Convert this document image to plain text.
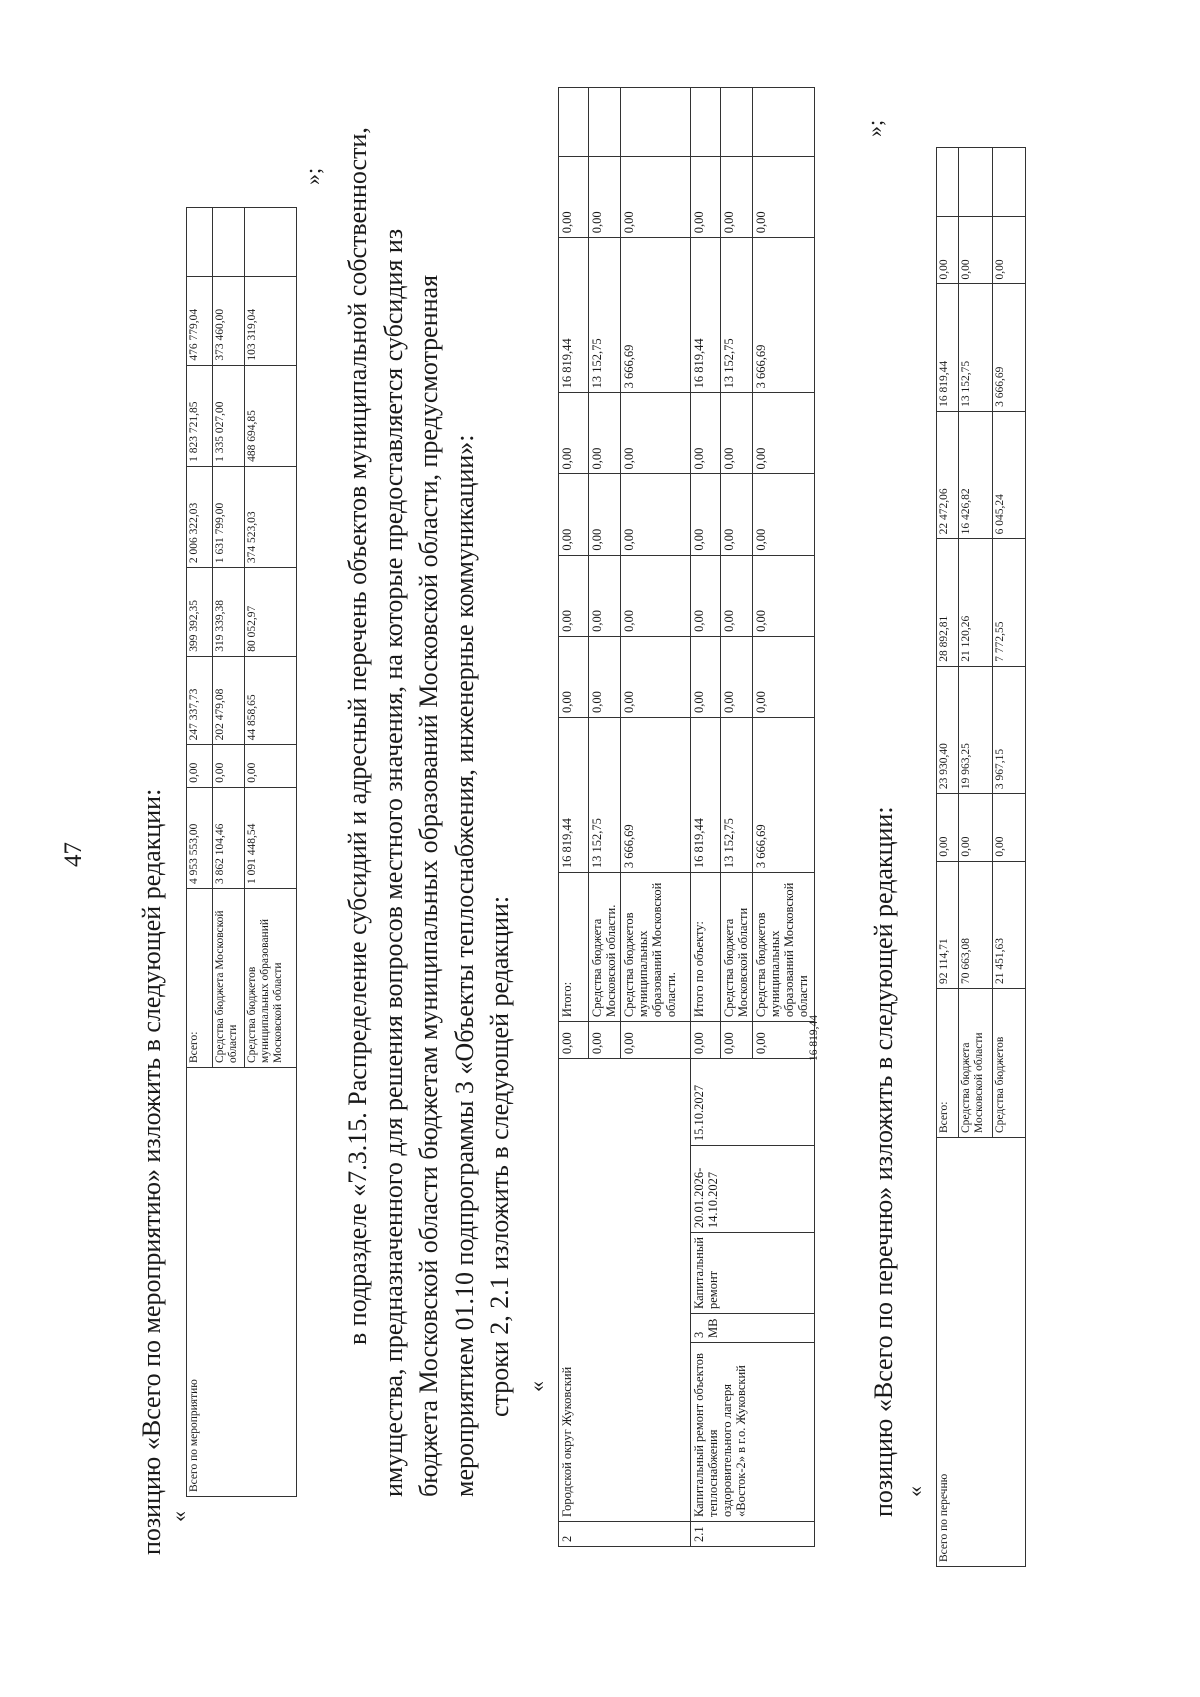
47 позицию «Всего по мероприятию» изложить в следующей редакции: «
Всего по мероприятию	Всего:	4 953 553,00	0,00	247 337,73	399 392,35	2 006 322,03	1 823 721,85	476 779,04	
	Средства бюджета Московской области	3 862 104,46	0,00	202 479,08	319 339,38	1 631 799,00	1 335 027,00	373 460,00	
	Средства бюджетов муниципальных образований Московской области	1 091 448,54	0,00	44 858,65	80 052,97	374 523,03	488 694,85	103 319,04	
»; в подразделе «7.3.15. Распределение субсидий и адресный перечень объектов муниципальной собственности, имущества, предназначенного для решения вопросов местного значения, на которые предоставляется субсидия из бюджета Московской области бюджетам муниципальных образований Московской области, предусмотренная мероприятием 01.10 подпрограммы 3 «Объекты теплоснабжения, инженерные коммуникации»: строки 2, 2.1 изложить в следующей редакции: «
2	Городской округ Жуковский					0,00	Итого:	16 819,44	0,00	0,00	0,00	0,00	16 819,44	0,00	
						0,00	Средства бюджета Московской области.	13 152,75	0,00	0,00	0,00	0,00	13 152,75	0,00	
						0,00	Средства бюджетов муниципальных образований Московской области.	3 666,69	0,00	0,00	0,00	0,00	3 666,69	0,00	
2.1	Капитальный ремонт объектов теплоснабжения оздоровительного лагеря «Восток-2» в г.о. Жуковский	3 МВ	Капитальный ремонт	20.01.2026-14.10.2027	15.10.2027	0,00	Итого по объекту:	16 819,44	0,00	0,00	0,00	0,00	16 819,44	0,00	
						0,00	Средства бюджета Московской области	13 152,75	0,00	0,00	0,00	0,00	13 152,75	0,00	
						0,00	Средства бюджетов муниципальных образований Московской области	3 666,69	0,00	0,00	0,00	0,00	3 666,69	0,00	
16 819,44
»;
позицию «Всего по перечню» изложить в следующей редакции: « Всего по перечню	Всего:	92 114,71	0,00	23 930,40	28 892,81	22 472,06	16 819,44	0,00	
	Средства бюджета Московской области	70 663,08	0,00	19 963,25	21 120,26	16 426,82	13 152,75	0,00	
	Средства бюджетов	21 451,63	0,00	3 967,15	7 772,55	6 045,24	3 666,69	0,00	
